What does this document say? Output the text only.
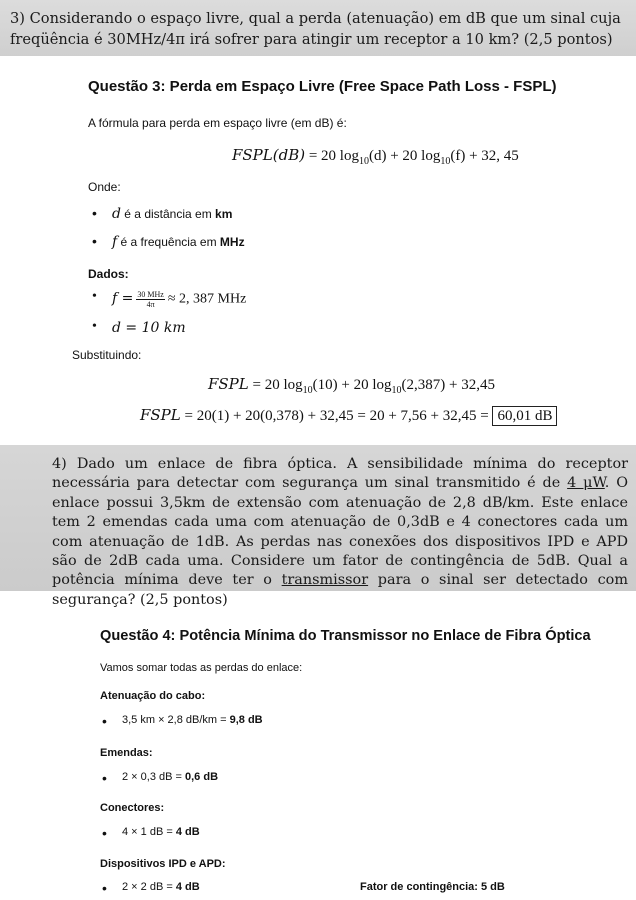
3) Considerando o espaço livre, qual a perda (atenuação) em dB que um sinal cuja
freqüência é 30MHz/4π irá sofrer para atingir um receptor a 10 km? (2,5 pontos)
Questão 3: Perda em Espaço Livre (Free Space Path Loss - FSPL)
A fórmula para perda em espaço livre (em dB) é:
FSPL(dB) = 20 $\log_{10}(d) + 20$ $\log_{10}(f) + 32$, 45
Onde:
• d é a distância em km
• f é a frequência em MHz
Dados:
• $f = \frac{\text{30 MHz}}{4\pi} \approx 2$, 387 MHz
• d = 10 km
Substituindo:
FSPL = 20 $\log_{10}(10) + 20$ $\log_{10}(2,387) + 32,45$
FSPL = 20(1) + 20(0,378) + 32,45 = 20 + 7,56 + 32,45 = 60,01 dB
4) Dado um enlace de fibra óptica. A sensibilidade mínima do receptor necessária para detectar com segurança um sinal transmitido é de 4 μW. O enlace possui 3,5km de extensão com atenuação de 2,8 dB/km. Este enlace tem 2 emendas cada uma com atenuação de 0,3dB e 4 conectores cada um com atenuação de 1dB. As perdas nas conexões dos dispositivos IPD e APD são de 2dB cada uma. Considere um fator de contingência de 5dB. Qual a potência mínima deve ter o transmissor para o sinal ser detectado com segurança? (2,5 pontos)
Questão 4: Potência Mínima do Transmissor no Enlace de Fibra Óptica
Vamos somar todas as perdas do enlace:
Atenuação do cabo:
• 3,5 km × 2,8 dB/km = 9,8 dB
Emendas:
• 2 × 0,3 dB = 0,6 dB
Conectores:
• 4 × 1 dB = 4 dB
Dispositivos IPD e APD:
• 2 × 2 dB = 4 dB	Fator de contingência: 5 dB
